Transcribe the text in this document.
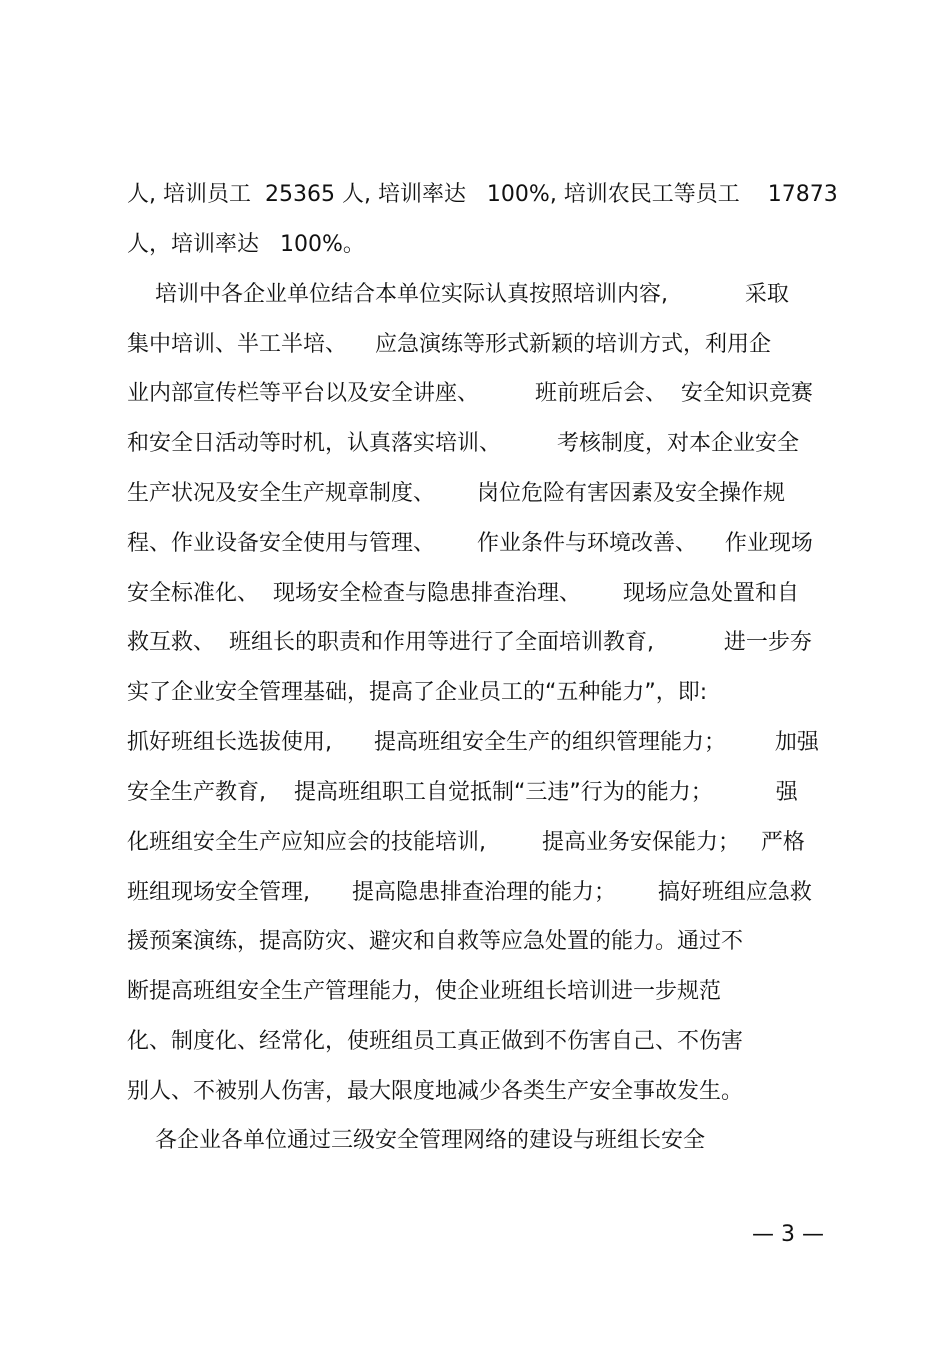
人, 培训员工  25365 人, 培训率达   100%, 培训农民工等员工    17873
人，培训率达   100%。
培训中各企业单位结合本单位实际认真按照培训内容,           采取
集中培训、半工半培、    应急演练等形式新颖的培训方式，利用企
业内部宣传栏等平台以及安全讲座、        班前班后会、  安全知识竞赛
和安全日活动等时机，认真落实培训、        考核制度，对本企业安全
生产状况及安全生产规章制度、      岗位危险有害因素及安全操作规
程、作业设备安全使用与管理、      作业条件与环境改善、    作业现场
安全标准化、  现场安全检查与隐患排查治理、      现场应急处置和自
救互救、  班组长的职责和作用等进行了全面培训教育,          进一步夯
实了企业安全管理基础，提高了企业员工的“五种能力”，即:
抓好班组长选拔使用,      提高班组安全生产的组织管理能力；       加强
安全生产教育,    提高班组职工自觉抵制“三违”行为的能力；         强
化班组安全生产应知应会的技能培训,        提高业务安保能力；   严格
班组现场安全管理,      提高隐患排查治理的能力；      搞好班组应急救
援预案演练，提高防灾、避灾和自救等应急处置的能力。通过不
断提高班组安全生产管理能力，使企业班组长培训进一步规范
化、制度化、经常化，使班组员工真正做到不伤害自己、不伤害
别人、不被别人伤害，最大限度地减少各类生产安全事故发生。
各企业各单位通过三级安全管理网络的建设与班组长安全
— 3 —
